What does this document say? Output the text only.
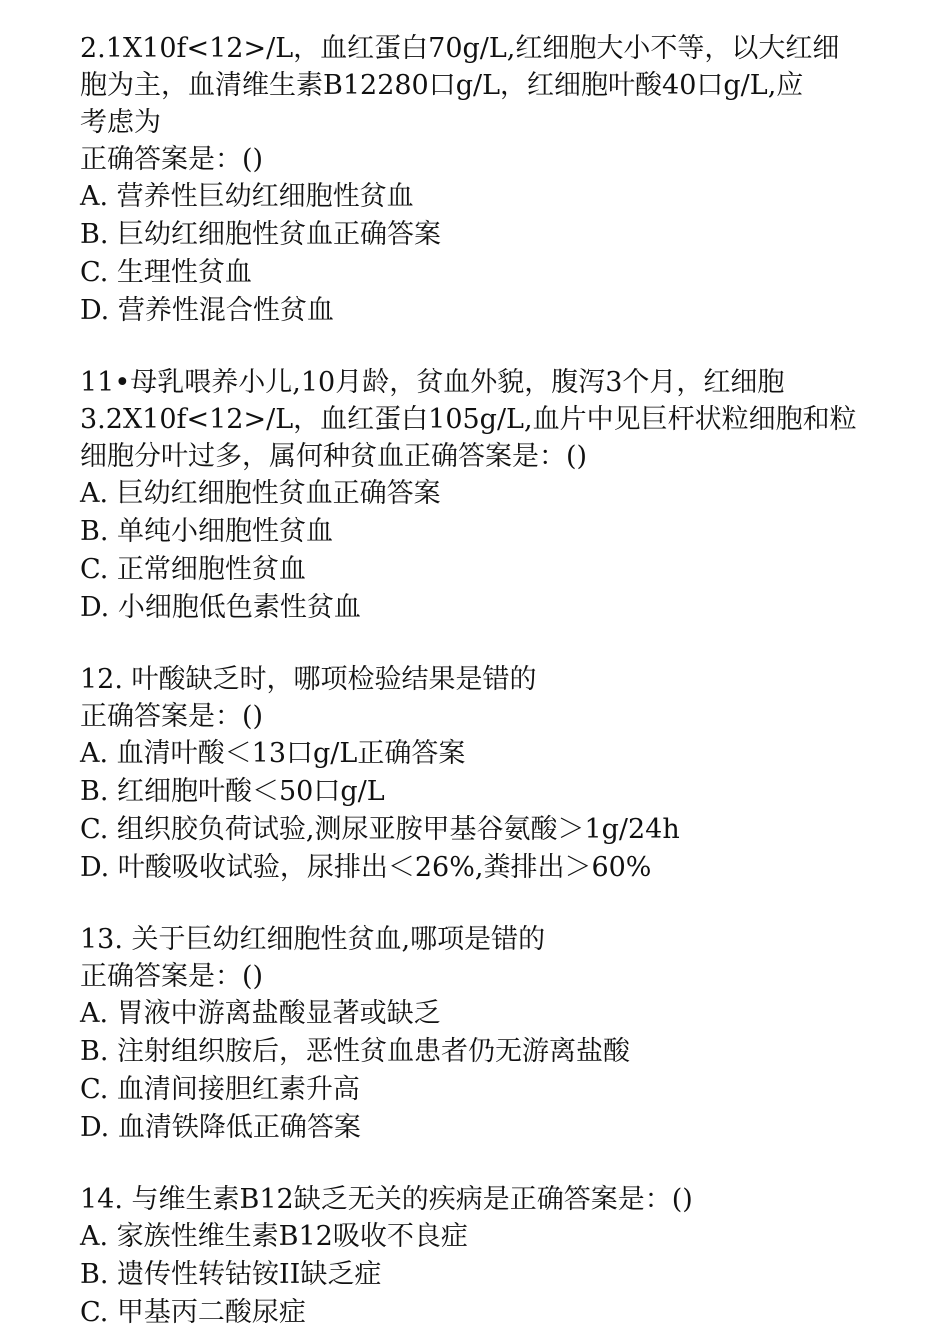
2.1X10f<12>/L，血红蛋白70g/L,红细胞大小不等，以大红细
胞为主，血清维生素B12280口g/L，红细胞叶酸40口g/L,应
考虑为
正确答案是：()
A. 营养性巨幼红细胞性贫血
B. 巨幼红细胞性贫血正确答案
C. 生理性贫血
D. 营养性混合性贫血
11•母乳喂养小儿,10月龄，贫血外貌，腹泻3个月，红细胞
3.2X10f<12>/L，血红蛋白105g/L,血片中见巨杆状粒细胞和粒
细胞分叶过多，属何种贫血正确答案是：()
A. 巨幼红细胞性贫血正确答案
B. 单纯小细胞性贫血
C. 正常细胞性贫血
D. 小细胞低色素性贫血
12. 叶酸缺乏时，哪项检验结果是错的
正确答案是：()
A. 血清叶酸＜13口g/L正确答案
B. 红细胞叶酸＜50口g/L
C. 组织胶负荷试验,测尿亚胺甲基谷氨酸＞1g/24h
D. 叶酸吸收试验，尿排出＜26%,粪排出＞60%
13. 关于巨幼红细胞性贫血,哪项是错的
正确答案是：()
A. 胃液中游离盐酸显著或缺乏
B. 注射组织胺后，恶性贫血患者仍无游离盐酸
C. 血清间接胆红素升高
D. 血清铁降低正确答案
14. 与维生素B12缺乏无关的疾病是正确答案是：()
A. 家族性维生素B12吸收不良症
B. 遗传性转钴铵II缺乏症
C. 甲基丙二酸尿症
